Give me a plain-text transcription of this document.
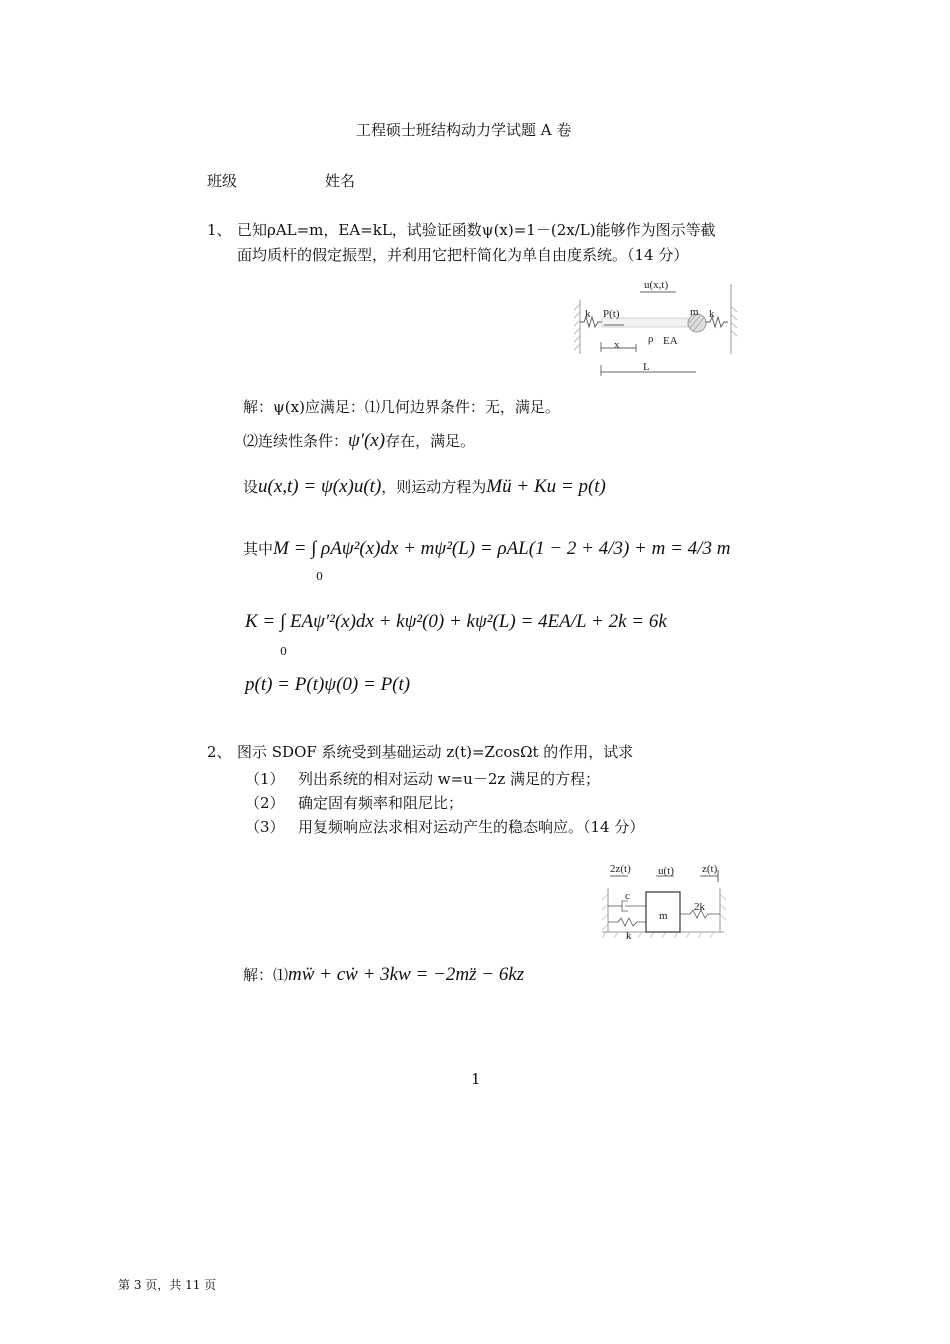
工程硕士班结构动力学试题 A 卷
班级	姓名
1、 已知ρAL=m，EA=kL，试验证函数ψ(x)=1－(2x/L)能够作为图示等截
面均质杆的假定振型，并利用它把杆简化为单自由度系统。（14 分）
u(x,t)
k P(t)	m k
x	ρ EA
L
解：ψ(x)应满足：⑴几何边界条件：无，满足。
⑵连续性条件：ψ′(x)存在，满足。
设u(x,t) = ψ(x)u(t)，则运动方程为Mü + Ku = p(t)
其中M = ∫ ρAψ²(x)dx + mψ²(L) = ρAL(1 − 2 + 4/3) + m = 4/3 m
0
K = ∫ EAψ′²(x)dx + kψ²(0) + kψ²(L) = 4EA/L + 2k = 6k
0
p(t) = P(t)ψ(0) = P(t)
2、 图示 SDOF 系统受到基础运动 z(t)=ZcosΩt 的作用，试求
（1） 列出系统的相对运动 w=u－2z 满足的方程；
（2） 确定固有频率和阻尼比；
（3） 用复频响应法求相对运动产生的稳态响应。（14 分）
2z(t) u(t)	z(t)
c
m
2k
k
解：⑴mẅ + cẇ + 3kw = −2mz̈ − 6kz
1
第 3 页，共 11 页
